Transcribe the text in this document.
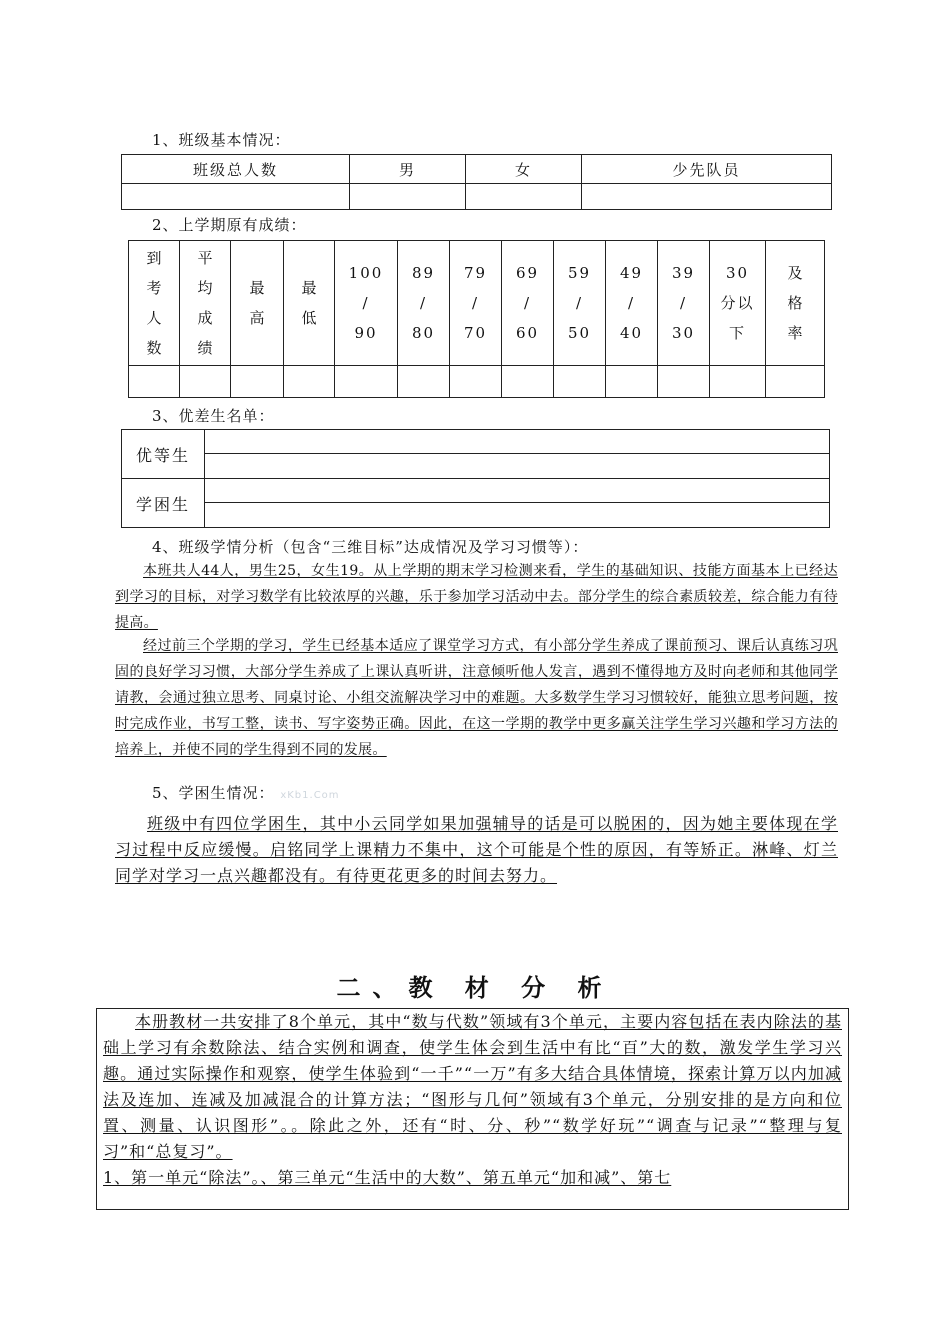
1、班级基本情况：
班级总人数	男	女	少先队员

2、上学期原有成绩：
到考人数	平均成绩	最高	最低	100
/
90	89
/
80	79
/
70	69
/
60	59
/
50	49
/
40	39
/
30	30
分以
下	及格率

3、优差生名单：
优等生	

学困生	
4、班级学情分析（包含“三维目标”达成情况及学习习惯等）：
本班共人44人，男生25，女生19。从上学期的期末学习检测来看，学生的基础知识、技能方面基本上已经达到学习的目标，对学习数学有比较浓厚的兴趣，乐于参加学习活动中去。部分学生的综合素质较差，综合能力有待提高。
经过前三个学期的学习，学生已经基本适应了课堂学习方式，有小部分学生养成了课前预习、课后认真练习巩固的良好学习习惯，大部分学生养成了上课认真听讲，注意倾听他人发言，遇到不懂得地方及时向老师和其他同学请教，会通过独立思考、同桌讨论、小组交流解决学习中的难题。大多数学生学习习惯较好，能独立思考问题，按时完成作业，书写工整，读书、写字姿势正确。因此，在这一学期的教学中更多赢关注学生学习兴趣和学习方法的培养上，并使不同的学生得到不同的发展。
5、学困生情况： xKb1.Com
班级中有四位学困生，其中小云同学如果加强辅导的话是可以脱困的，因为她主要体现在学习过程中反应缓慢。启铭同学上课精力不集中，这个可能是个性的原因，有等矫正。淋峰、灯兰同学对学习一点兴趣都没有。有待更花更多的时间去努力。
二、教 材 分 析
本册教材一共安排了8个单元，其中“数与代数”领域有3个单元，主要内容包括在表内除法的基础上学习有余数除法、结合实例和调查，使学生体会到生活中有比“百”大的数，激发学生学习兴趣。通过实际操作和观察，使学生体验到“一千”“一万”有多大结合具体情境，探索计算万以内加减法及连加、连减及加减混合的计算方法；“图形与几何”领域有3个单元，分别安排的是方向和位置、测量、认识图形”。。除此之外，还有“时、分、秒”“数学好玩”“调查与记录”“整理与复习”和“总复习”。
1、第一单元“除法”。、第三单元“生活中的大数”、第五单元“加和减”、第七
